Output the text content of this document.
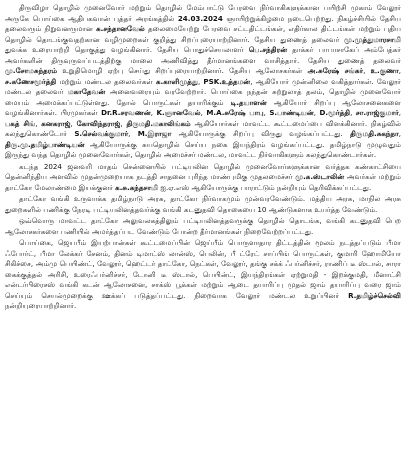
திருவிழா தொழில் முனைவோர் மற்றும் தொழில் மேம்பாட்டு பேரவை நிர்வாகிகளுக்கான பயிற்சி முகாம் வேலூர் அருகே பொய்கை ஆதிபகவான் புத்தர் அரங்கத்தில் 24.03.2024 ஞாயிற்றுக்கிழமை நடைபெற்றது. நிகழ்ச்சியில் தேசிய தலைவரும் நிறுவனருமான க.சந்தானவேல் தலைமையேற்று பேரவை சட்டதிட்டங்கள், எதிர்கால திட்டங்கள் மற்றும் புதிய தொழில் தொடங்குவதற்கான வழிமுறைகள் குறித்து சிறப்புரையாற்றினார். தேசிய துணைத் தலைவர் மு.முத்துமாரசாமி துவக்க உரையாற்றி தொகுத்து வழங்கினார். தேசிய பொதுச்செயலாளர் பெ.சந்திரன் தாக்கர் பாபாசாகேப் அம்பேத்கர் அவர்களின் திருவுருவப்படத்திற்கு மாலை அணிவித்து தீர்மானங்களை வாசித்தார். தேசிய துணைத் தலைவர் மு.சோமசுந்தரம் உறுதிமொழி ஏற்பு செய்து சிறப்புரையாற்றினார். தேசிய ஆலோசகர்கள் அ.சுரேஷ் சங்கர், உ.குணா, ச.கணேசமூர்த்தி மற்றும் மண்டல தலைவர்கள் க.காளிமுத்து, PSK.உத்தமன், ஆகியோர் முன்னிலை வகித்தார்கள். வேலூர் மண்டல தலைவர் மகாதேவன் அனைவரையும் வரவேற்றார். பொய்கை நந்தன் சுற்றுலாத் தலம், தொழில் முனைவோர் மையம் அமைக்கப்பட்டுள்ளது. தோல் பொருட்கள் தயாரிக்கும் டி.தயாளன் ஆகியோர் சிறப்பு ஆலோசனைகளை வழங்கினார்கள். பிரமுகர்கள் Dr.R.சரவணன், K.ஞானவேல், M.A.சுரேஷ் பாபு, S.பாண்டியன், D.மூர்த்தி, சா.ராஜ்குமார், பகத் சிங், கனகராஜ், கோவிந்தராஜ், திருமதி.மகாலிங்கம் ஆகியோர்கள் மாவட்ட கூட்டமைப்பை விளக்கினார். நிகழ்வில் கலந்துகொண்டோர் S.செல்வக்குமார், M.இராஜா ஆகியோருக்கு சிறப்பு விருது வழங்கப்பட்டது. திருமதி.சுகந்தா, திரு.மு.தமிழ்பாண்டியன் ஆகியோருக்கு சுயதொழில் செய்ய நகை இயந்திரம் வழங்கப்பட்டது. தமிழ்நாடு முழுவதும் இருந்து வந்த தொழில் முனைவோர்கள், தொழில் அமைச்சர் மண்டல, மாவட்ட நிர்வாகிகளும் கலந்துகொண்டார்கள்.

கடந்த 2024 ஜனவரி மாதம் சென்னையில் பட்டியலின தொழில் முனைவோர்களுக்கான வர்த்தக கண்காட்சியை தென்னிந்திய அளவில் முதன்முறையாக நடத்தி சாதனை புரிந்த மாண்புமிகு முதலமைச்சர் மு.க.ஸ்டாலின் அவர்கள் மற்றும் தாட்கோ மேலாண்மை இயக்குனர் க.சு.கந்தசாமி ஐ.ஏ.எஸ் ஆகியோருக்கு பாராட்டும் நன்றியும் தெரிவிக்கப்பட்டது.

தாட்கோ வங்கி உருவாக்க தமிழ்நாடு அரசு, தாட்கோ நிர்வாகமும் முன்வரவேண்டும். மத்திய அரசு, மாநில அரசு துறைகளில் பணிக்கு நேரடி பட்டியலினத்தவர்க்கு வங்கி கடனுதவி தொகையை 10 ஆண்டுகளாக உயர்த்த வேண்டும்.

ஒவ்வொரு மாவட்ட தாட்கோ அலுவலகத்திலும் பட்டியலினத்தவருக்கு தொழில் தொடங்க, வங்கி கடனுதவி பெற ஆலோசகர்களை பணியில் அமர்த்தப்பட வேண்டும் போன்ற தீர்மானங்கள் நிறைவேற்றப்பட்டது.

பொய்கை, ஜெயபீம் இயற்பான்கள் கூட்டமைப்பின் ஜெய்பீம் பொருளாதார திட்டத்தின் மூலம் நடத்தப்படும் பீமா ஃபோர்ட், பீமா லேக்கர் சேனம், தினம் டிமாட்ஸ் லான்ஸ், பெலின், பீ ட்ரேட் சாப்பிங் பொருட்கள், குமாரி ஹோமியோ சிகிச்சை, அம்மு பெயிண்ட், வேலூர், ஹெட்டர் தாட்கோ, நெட்கள், வேலூர், தங்கு சக்க் ஃபர்னிச்சர், ராணிப் டீ ஸ்டால், சாரா கைக்குத்தல் அரிசி, உரைஃபர்னிச்சர், டோனி டீ ஸ்டால், பெயின்ட், இயந்திரங்கள் ஏற்றுமதி - இறக்குமதி, மீனாட்சி என்டர்பிரைசஸ் வங்கி கடன் ஆலோசனை, சாக்ஸ் பூக்கள் மற்றும் ஆடை தயாரிப்பு முதல் ஜாம் தயாரிப்பு வரை ஜாம் செய்யும் செயல்முறைக்கு ஊக்கப் படுத்தப்பட்டது. நிறைவாக வேலூர் மண்டல உறுப்பினர் R.தமிழ்ச்செல்வி நன்றியுரையாற்றினார்.
